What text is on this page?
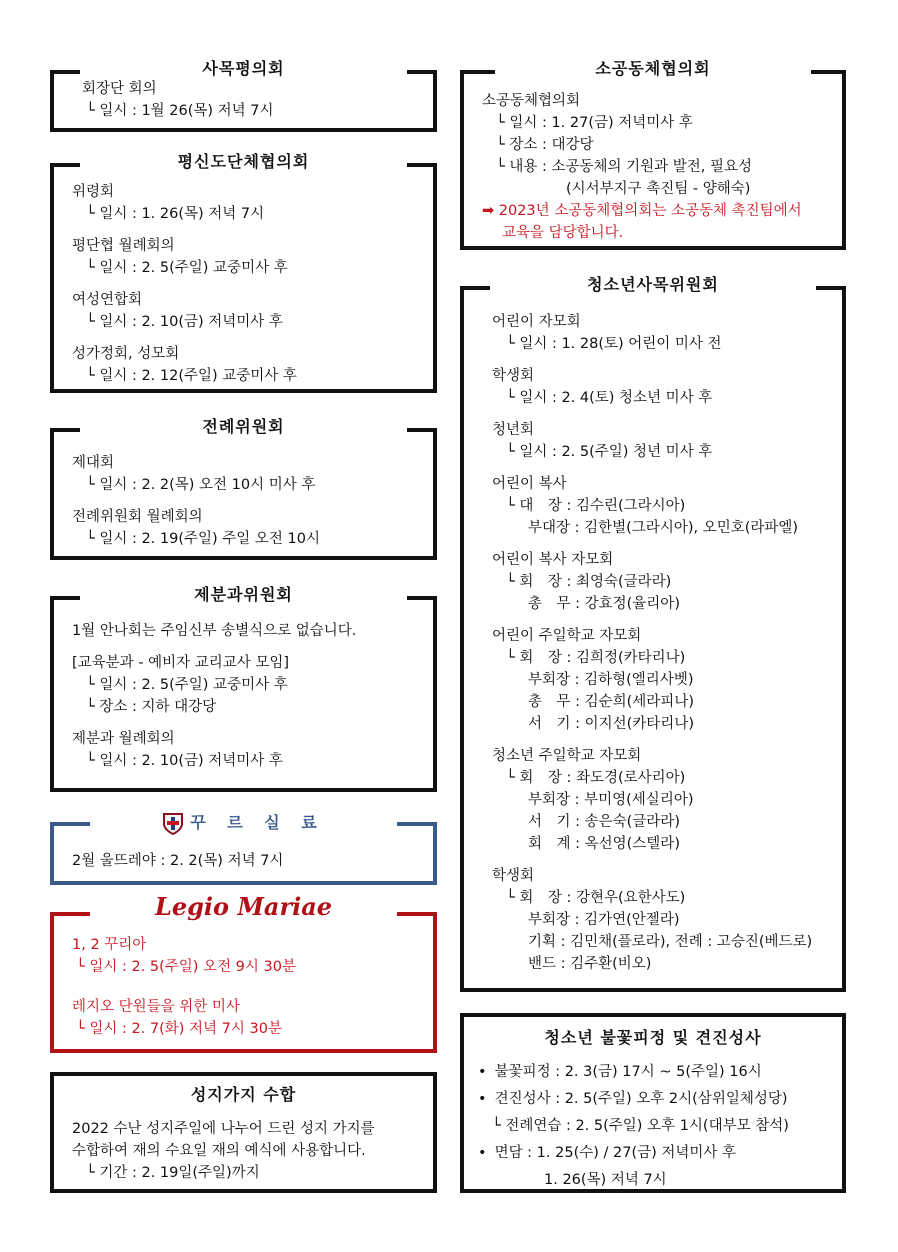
사목평의회
회장단 회의
└ 일시 : 1월 26(목) 저녁 7시
평신도단체협의회
위령회
└ 일시 : 1. 26(목) 저녁 7시
평단협 월례회의
└ 일시 : 2. 5(주일) 교중미사 후
여성연합회
└ 일시 : 2. 10(금) 저녁미사 후
성가정회, 성모회
└ 일시 : 2. 12(주일) 교중미사 후
전례위원회
제대회
└ 일시 : 2. 2(목) 오전 10시 미사 후
전례위원회 월례회의
└ 일시 : 2. 19(주일) 주일 오전 10시
제분과위원회
1월 안나회는 주임신부 송별식으로 없습니다.
[교육분과 - 예비자 교리교사 모임]
└ 일시 : 2. 5(주일) 교중미사 후
└ 장소 : 지하 대강당
제분과 월례회의
└ 일시 : 2. 10(금) 저녁미사 후
꾸 르 실 료
2월 울뜨레야 : 2. 2(목) 저녁 7시
Legio Mariae
1, 2 꾸리아
└ 일시 : 2. 5(주일) 오전 9시 30분
레지오 단원들을 위한 미사
└ 일시 : 2. 7(화) 저녁 7시 30분
성지가지 수합
2022 수난 성지주일에 나누어 드린 성지 가지를
수합하여 재의 수요일 재의 예식에 사용합니다.
└ 기간 : 2. 19일(주일)까지
소공동체협의회
소공동체협의회
└ 일시 : 1. 27(금) 저녁미사 후
└ 장소 : 대강당
└ 내용 : 소공동체의 기원과 발전, 필요성
(시서부지구 촉진팀 - 양해숙)
➡ 2023년 소공동체협의회는 소공동체 촉진팀에서
교육을 담당합니다.
청소년사목위원회
어린이 자모회
└ 일시 : 1. 28(토) 어린이 미사 전
학생회
└ 일시 : 2. 4(토) 청소년 미사 후
청년회
└ 일시 : 2. 5(주일) 청년 미사 후
어린이 복사
└ 대　장 : 김수린(그라시아)
부대장 : 김한별(그라시아), 오민호(라파엘)
어린이 복사 자모회
└ 회　장 : 최영숙(글라라)
총　무 : 강효정(율리아)
어린이 주일학교 자모회
└ 회　장 : 김희정(카타리나)
부회장 : 김하형(엘리사벳)
총　무 : 김순희(세라피나)
서　기 : 이지선(카타리나)
청소년 주일학교 자모회
└ 회　장 : 좌도경(로사리아)
부회장 : 부미영(세실리아)
서　기 : 송은숙(글라라)
회　계 : 옥선영(스텔라)
학생회
└ 회　장 : 강현우(요한사도)
부회장 : 김가연(안젤라)
기획 : 김민채(플로라), 전례 : 고승진(베드로)
밴드 : 김주환(비오)
청소년 불꽃피정 및 견진성사
• 불꽃피정 : 2. 3(금) 17시 ~ 5(주일) 16시
• 견진성사 : 2. 5(주일) 오후 2시(삼위일체성당)
└ 전례연습 : 2. 5(주일) 오후 1시(대부모 참석)
• 면담 : 1. 25(수) / 27(금) 저녁미사 후
1. 26(목) 저녁 7시
